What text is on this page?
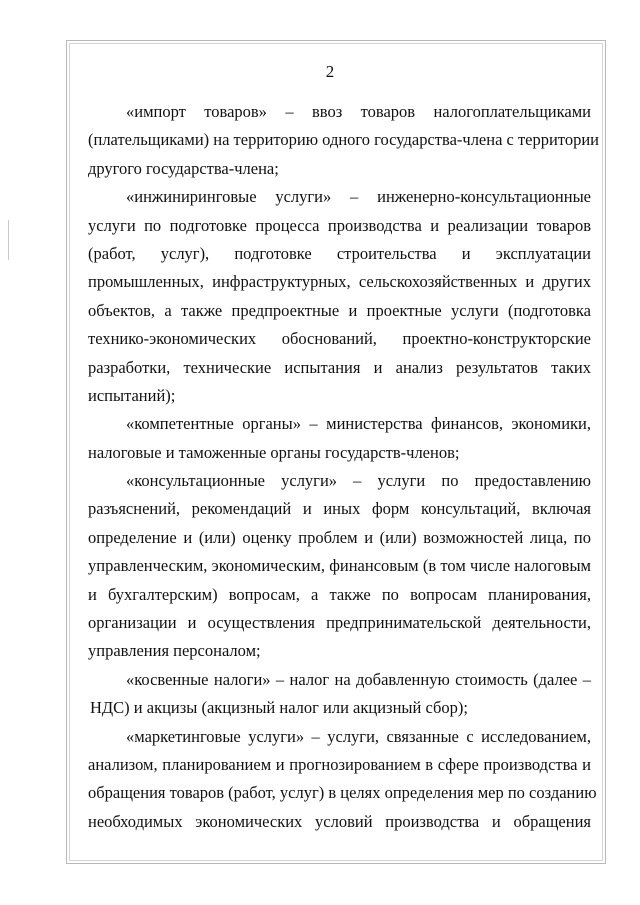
2
«импорт товаров» – ввоз товаров налогоплательщиками
(плательщиками) на территорию одного государства-члена с территории
другого государства-члена;
«инжиниринговые услуги» – инженерно-консультационные
услуги по подготовке процесса производства и реализации товаров
(работ, услуг), подготовке строительства и эксплуатации
промышленных, инфраструктурных, сельскохозяйственных и других
объектов, а также предпроектные и проектные услуги (подготовка
технико-экономических обоснований, проектно-конструкторские
разработки, технические испытания и анализ результатов таких
испытаний);
«компетентные органы» – министерства финансов, экономики,
налоговые и таможенные органы государств-членов;
«консультационные услуги» – услуги по предоставлению
разъяснений, рекомендаций и иных форм консультаций, включая
определение и (или) оценку проблем и (или) возможностей лица, по
управленческим, экономическим, финансовым (в том числе налоговым
и бухгалтерским) вопросам, а также по вопросам планирования,
организации и осуществления предпринимательской деятельности,
управления персоналом;
«косвенные налоги» – налог на добавленную стоимость (далее –
НДС) и акцизы (акцизный налог или акцизный сбор);
«маркетинговые услуги» – услуги, связанные с исследованием,
анализом, планированием и прогнозированием в сфере производства и
обращения товаров (работ, услуг) в целях определения мер по созданию
необходимых экономических условий производства и обращения
